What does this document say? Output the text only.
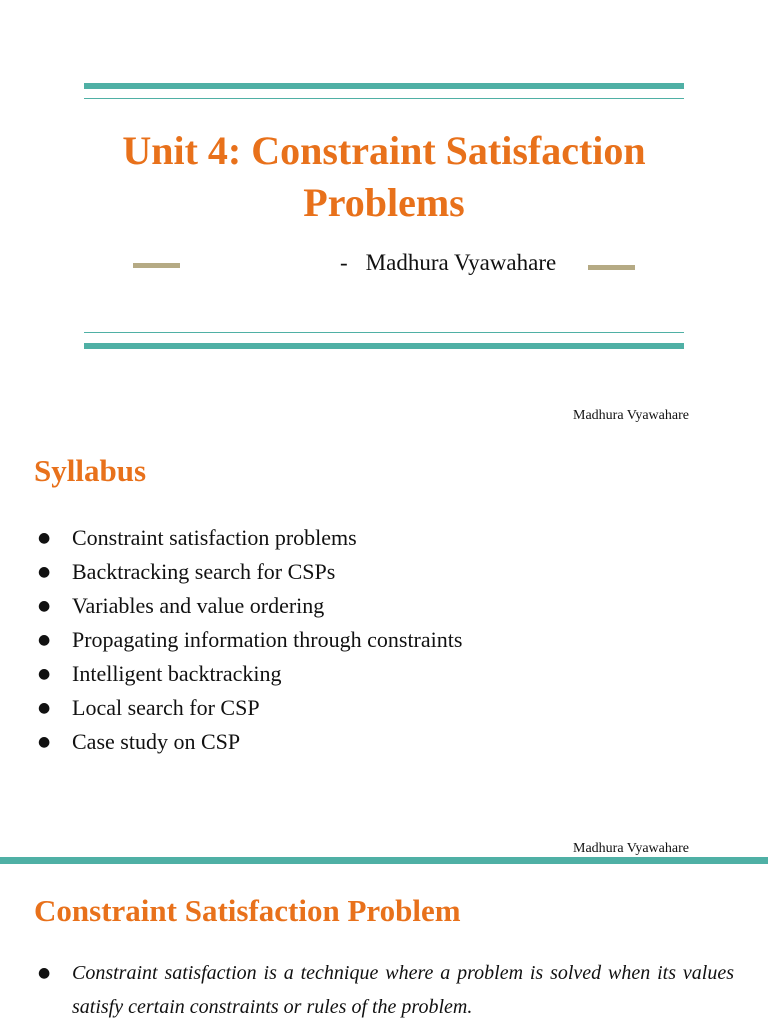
Unit 4: Constraint Satisfaction Problems
- Madhura Vyawahare
Madhura Vyawahare
Syllabus
● Constraint satisfaction problems
● Backtracking search for CSPs
● Variables and value ordering
● Propagating information through constraints
● Intelligent backtracking
● Local search for CSP
● Case study on CSP
Madhura Vyawahare
Constraint Satisfaction Problem
●	Constraint satisfaction is a technique where a problem is solved when its values satisfy certain constraints or rules of the problem.
